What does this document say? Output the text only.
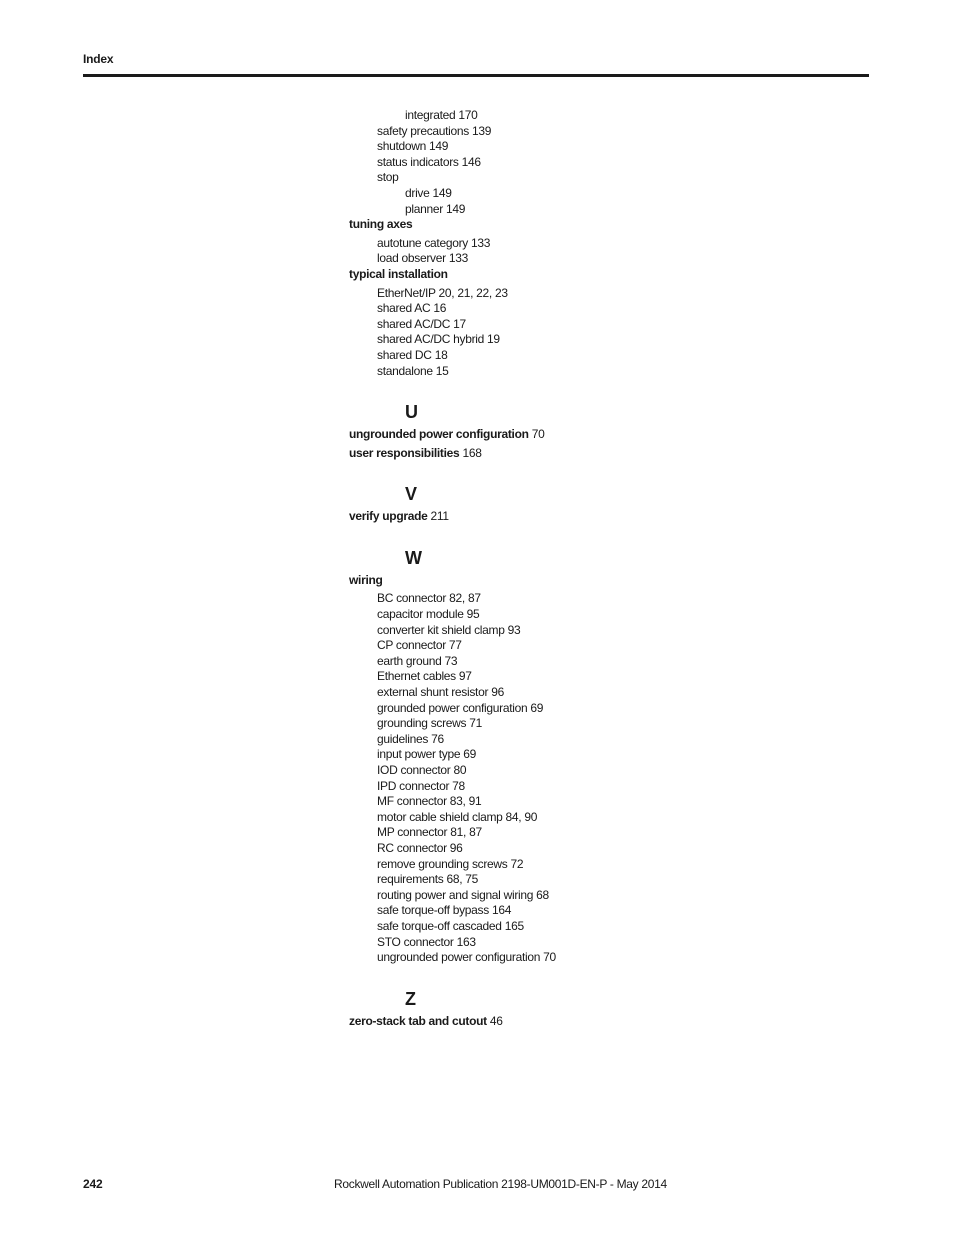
Index
integrated 170
safety precautions 139
shutdown 149
status indicators 146
stop
drive 149
planner 149
tuning axes
autotune category 133
load observer 133
typical installation
EtherNet/IP 20, 21, 22, 23
shared AC 16
shared AC/DC 17
shared AC/DC hybrid 19
shared DC 18
standalone 15
U
ungrounded power configuration 70
user responsibilities 168
V
verify upgrade 211
W
wiring
BC connector 82, 87
capacitor module 95
converter kit shield clamp 93
CP connector 77
earth ground 73
Ethernet cables 97
external shunt resistor 96
grounded power configuration 69
grounding screws 71
guidelines 76
input power type 69
IOD connector 80
IPD connector 78
MF connector 83, 91
motor cable shield clamp 84, 90
MP connector 81, 87
RC connector 96
remove grounding screws 72
requirements 68, 75
routing power and signal wiring 68
safe torque-off bypass 164
safe torque-off cascaded 165
STO connector 163
ungrounded power configuration 70
Z
zero-stack tab and cutout 46
242	Rockwell Automation Publication 2198-UM001D-EN-P - May 2014
